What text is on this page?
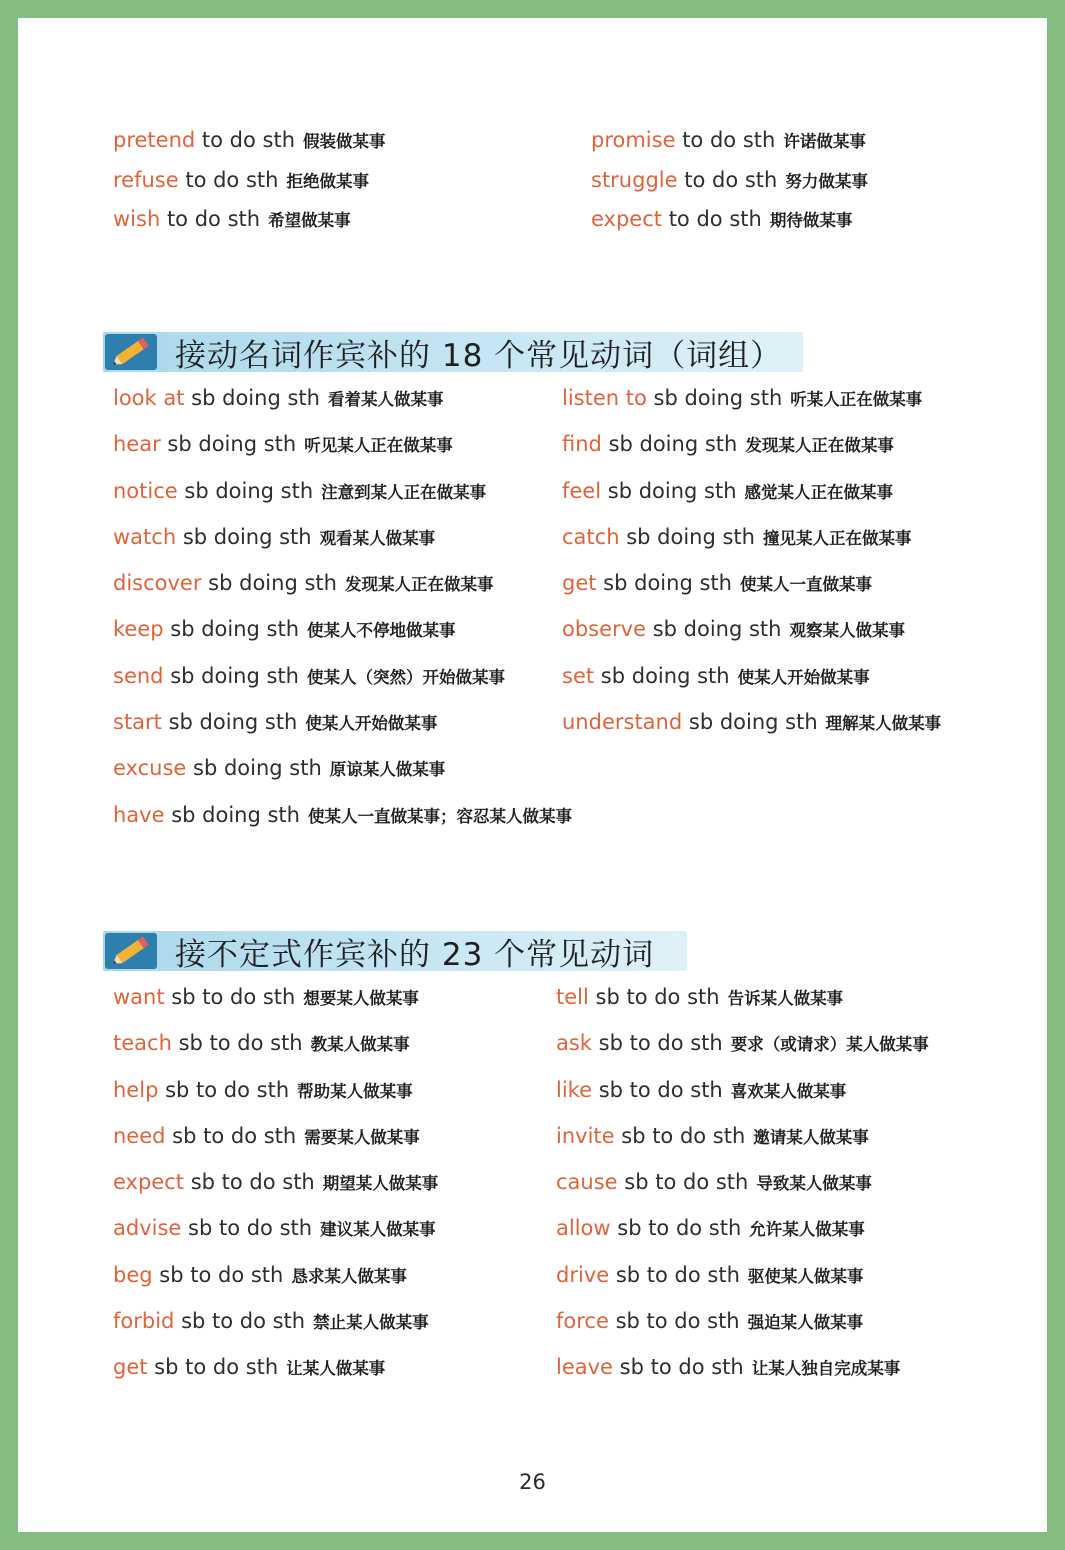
pretend to do sth 假装做某事
refuse to do sth 拒绝做某事
wish to do sth 希望做某事
promise to do sth 许诺做某事
struggle to do sth 努力做某事
expect to do sth 期待做某事
接动名词作宾补的 18 个常见动词（词组）
look at sb doing sth 看着某人做某事
hear sb doing sth 听见某人正在做某事
notice sb doing sth 注意到某人正在做某事
watch sb doing sth 观看某人做某事
discover sb doing sth 发现某人正在做某事
keep sb doing sth 使某人不停地做某事
send sb doing sth 使某人（突然）开始做某事
start sb doing sth 使某人开始做某事
excuse sb doing sth 原谅某人做某事
have sb doing sth 使某人一直做某事；容忍某人做某事
listen to sb doing sth 听某人正在做某事
find sb doing sth 发现某人正在做某事
feel sb doing sth 感觉某人正在做某事
catch sb doing sth 撞见某人正在做某事
get sb doing sth 使某人一直做某事
observe sb doing sth 观察某人做某事
set sb doing sth 使某人开始做某事
understand sb doing sth 理解某人做某事
接不定式作宾补的 23 个常见动词
want sb to do sth 想要某人做某事
teach sb to do sth 教某人做某事
help sb to do sth 帮助某人做某事
need sb to do sth 需要某人做某事
expect sb to do sth 期望某人做某事
advise sb to do sth 建议某人做某事
beg sb to do sth 恳求某人做某事
forbid sb to do sth 禁止某人做某事
get sb to do sth 让某人做某事
tell sb to do sth 告诉某人做某事
ask sb to do sth 要求（或请求）某人做某事
like sb to do sth 喜欢某人做某事
invite sb to do sth 邀请某人做某事
cause sb to do sth 导致某人做某事
allow sb to do sth 允许某人做某事
drive sb to do sth 驱使某人做某事
force sb to do sth 强迫某人做某事
leave sb to do sth 让某人独自完成某事
26
